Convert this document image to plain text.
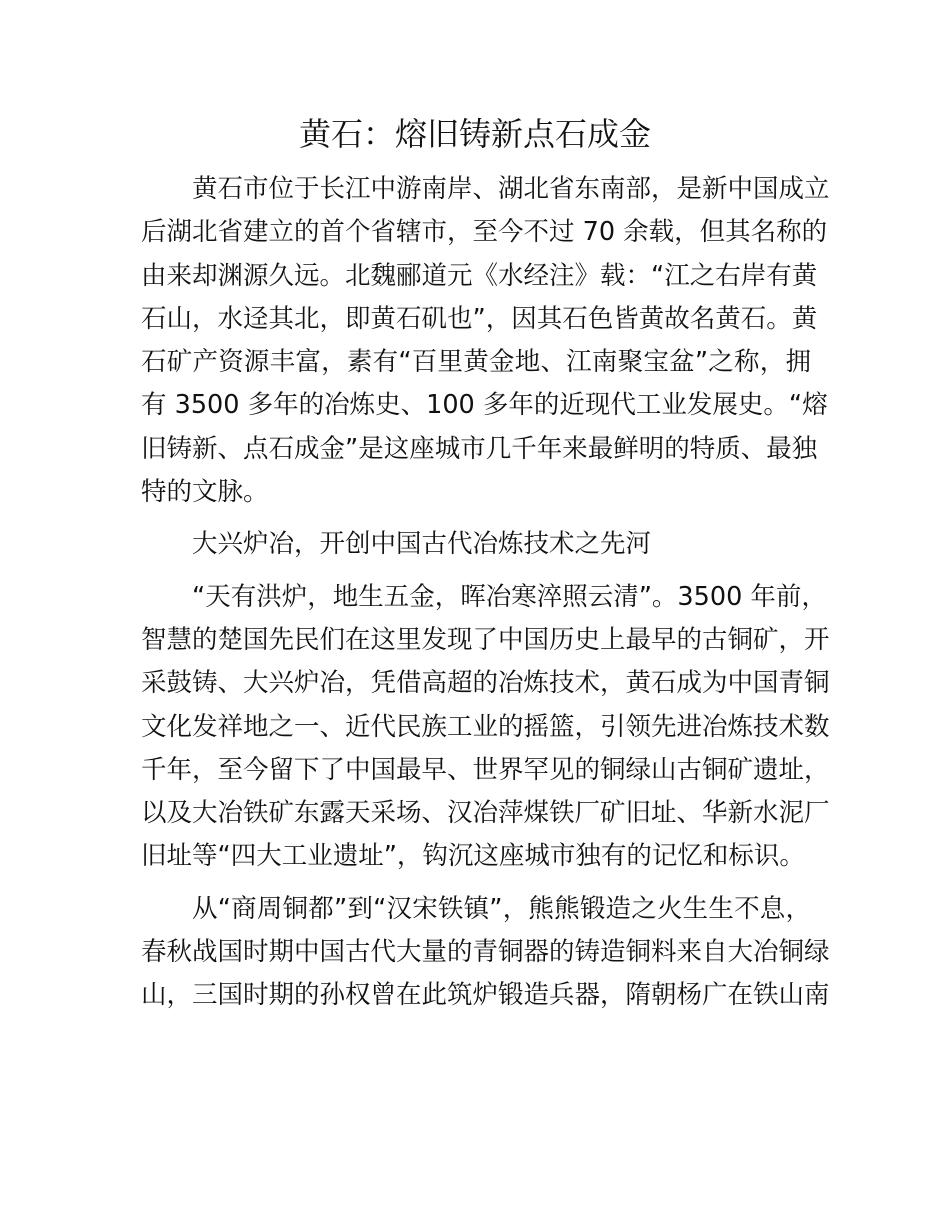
黄石：熔旧铸新点石成金
黄石市位于长江中游南岸、湖北省东南部，是新中国成立
后湖北省建立的首个省辖市，至今不过 70 余载，但其名称的
由来却渊源久远。北魏郦道元《水经注》载：“江之右岸有黄
石山，水迳其北，即黄石矶也”，因其石色皆黄故名黄石。黄
石矿产资源丰富，素有“百里黄金地、江南聚宝盆”之称，拥
有 3500 多年的冶炼史、100 多年的近现代工业发展史。“熔
旧铸新、点石成金”是这座城市几千年来最鲜明的特质、最独
特的文脉。
大兴炉冶，开创中国古代冶炼技术之先河
“天有洪炉，地生五金，晖冶寒淬照云清”。3500 年前，
智慧的楚国先民们在这里发现了中国历史上最早的古铜矿，开
采鼓铸、大兴炉冶，凭借高超的冶炼技术，黄石成为中国青铜
文化发祥地之一、近代民族工业的摇篮，引领先进冶炼技术数
千年，至今留下了中国最早、世界罕见的铜绿山古铜矿遗址，
以及大冶铁矿东露天采场、汉冶萍煤铁厂矿旧址、华新水泥厂
旧址等“四大工业遗址”，钩沉这座城市独有的记忆和标识。
从“商周铜都”到“汉宋铁镇”，熊熊锻造之火生生不息，
春秋战国时期中国古代大量的青铜器的铸造铜料来自大冶铜绿
山，三国时期的孙权曾在此筑炉锻造兵器，隋朝杨广在铁山南
